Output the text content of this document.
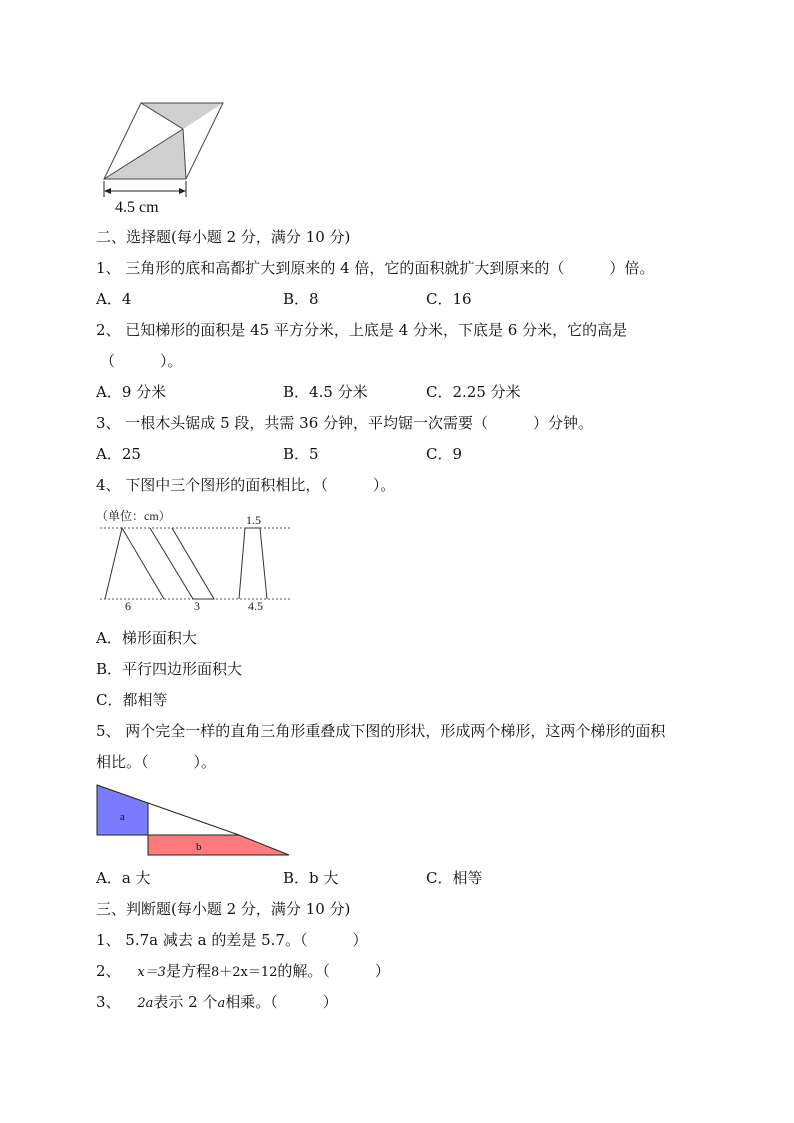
4.5 cm
二、选择题(每小题 2 分，满分 10 分)
1、 三角形的底和高都扩大到原来的 4 倍，它的面积就扩大到原来的（　　　）倍。
A．4	B．8	C．16
2、 已知梯形的面积是 45 平方分米，上底是 4 分米，下底是 6 分米，它的高是
（　　　）。
A．9 分米	B．4.5 分米	C．2.25 分米
3、 一根木头锯成 5 段，共需 36 分钟，平均锯一次需要（　　　）分钟。
A．25	B．5	C．9
4、 下图中三个图形的面积相比，（　　　）。
（单位：cm）	1.5
6	3	4.5
A．梯形面积大
B．平行四边形面积大
C．都相等
5、 两个完全一样的直角三角形重叠成下图的形状，形成两个梯形，这两个梯形的面积
相比。（　　　）。
a
b
A．a 大	B．b 大	C．相等
三、判断题(每小题 2 分，满分 10 分)
1、 5.7a 减去 a 的差是 5.7。（　　　）
2、 x＝3是方程8＋2x＝12的解。（　　　）
3、 2a表示 2 个a相乘。（　　　）
